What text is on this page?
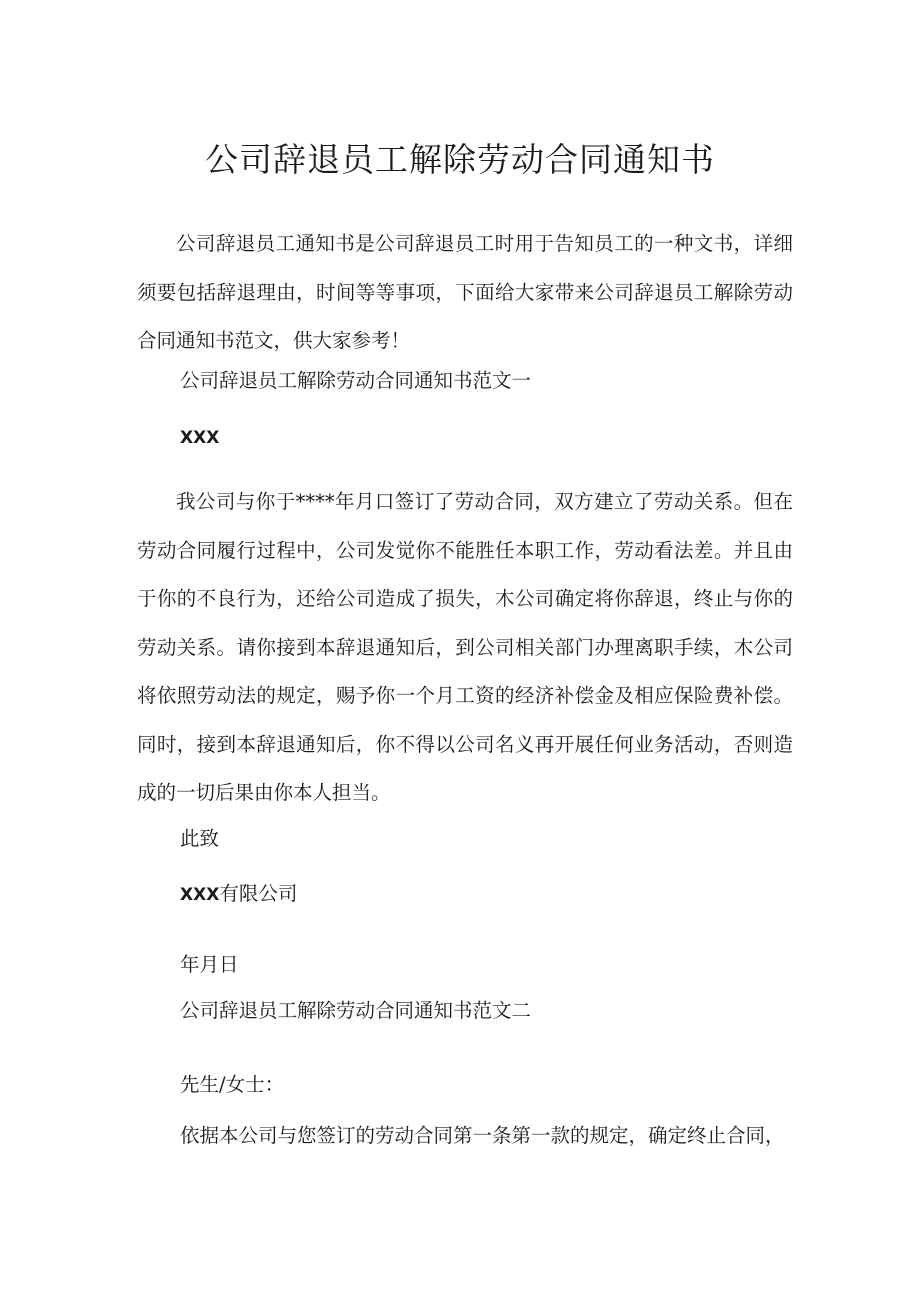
公司辞退员工解除劳动合同通知书

公司辞退员工通知书是公司辞退员工时用于告知员工的一种文书，详细须要包括辞退理由，时间等等事项，下面给大家带来公司辞退员工解除劳动合同通知书范文，供大家参考！

公司辞退员工解除劳动合同通知书范文一

XXX

我公司与你于****年月口签订了劳动合同，双方建立了劳动关系。但在劳动合同履行过程中，公司发觉你不能胜任本职工作，劳动看法差。并且由于你的不良行为，还给公司造成了损失，木公司确定将你辞退，终止与你的劳动关系。请你接到本辞退通知后，到公司相关部门办理离职手续，木公司将依照劳动法的规定，赐予你一个月工资的经济补偿金及相应保险费补偿。同时，接到本辞退通知后，你不得以公司名义再开展任何业务活动，否则造成的一切后果由你本人担当。

此致

XXX有限公司

年月日

公司辞退员工解除劳动合同通知书范文二

先生/女士：

依据本公司与您签订的劳动合同第一条第一款的规定，确定终止合同，
